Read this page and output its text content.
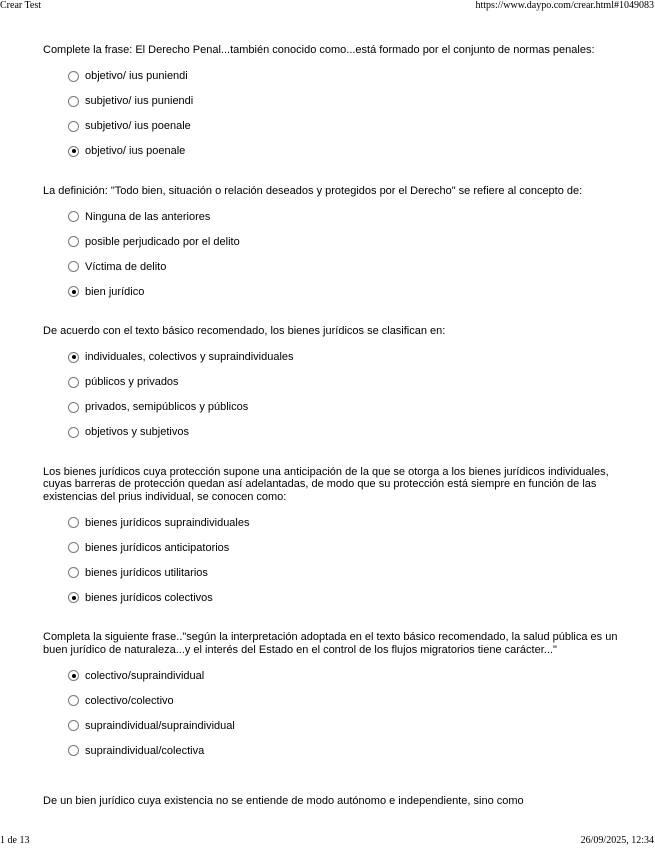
Crear Test	https://www.daypo.com/crear.html#1049083
Complete la frase: El Derecho Penal...también conocido como...está formado por el conjunto de normas penales:
objetivo/ ius puniendi
subjetivo/ ius puniendi
subjetivo/ ius poenale
objetivo/ ius poenale
La definición: "Todo bien, situación o relación deseados y protegidos por el Derecho" se refiere al concepto de:
Ninguna de las anteriores
posible perjudicado por el delito
Víctima de delito
bien jurídico
De acuerdo con el texto básico recomendado, los bienes jurídicos se clasifican en:
individuales, colectivos y supraindividuales
públicos y privados
privados, semipúblicos y públicos
objetivos y subjetivos
Los bienes jurídicos cuya protección supone una anticipación de la que se otorga a los bienes jurídicos individuales, cuyas barreras de protección quedan así adelantadas, de modo que su protección está siempre en función de las existencias del prius individual, se conocen como:
bienes jurídicos supraindividuales
bienes jurídicos anticipatorios
bienes jurídicos utilitarios
bienes jurídicos colectivos
Completa la siguiente frase.."según la interpretación adoptada en el texto básico recomendado, la salud pública es un buen jurídico de naturaleza...y el interés del Estado en el control de los flujos migratorios tiene carácter..."
colectivo/supraindividual
colectivo/colectivo
supraindividual/supraindividual
supraindividual/colectiva
De un bien jurídico cuya existencia no se entiende de modo autónomo e independiente, sino como
1 de 13	26/09/2025, 12:34
